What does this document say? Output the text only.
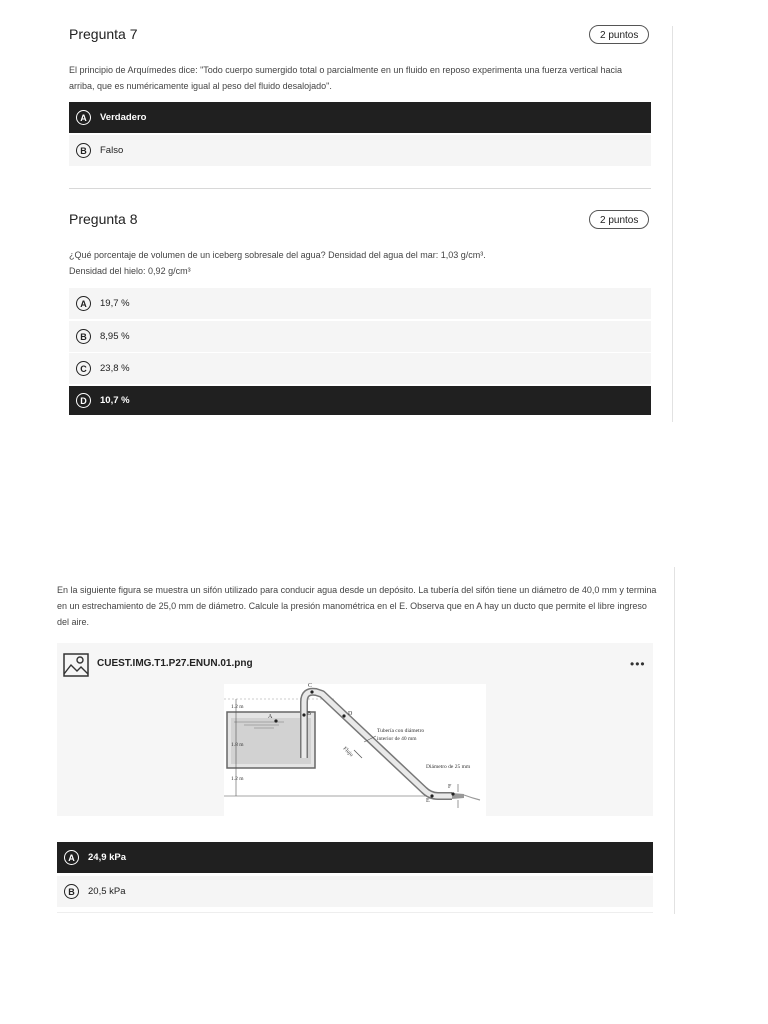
Pregunta 7	2 puntos
El principio de Arquímedes dice: "Todo cuerpo sumergido total o parcialmente en un fluido en reposo experimenta una fuerza vertical hacia arriba, que es numéricamente igual al peso del fluido desalojado".
A	Verdadero
B	Falso
Pregunta 8	2 puntos
¿Qué porcentaje de volumen de un iceberg sobresale del agua? Densidad del agua del mar: 1,03 g/cm³.
Densidad del hielo: 0,92 g/cm³
A	19,7 %
B	8,95 %
C	23,8 %
D	10,7 %
En la siguiente figura se muestra un sifón utilizado para conducir agua desde un depósito. La tubería del sifón tiene un diámetro de 40,0 mm y termina en un estrechamiento de 25,0 mm de diámetro. Calcule la presión manométrica en el E. Observa que en A hay un ducto que permite el libre ingreso del aire.
CUEST.IMG.T1.P27.ENUN.01.png	•••
1.2 m
1.8 m
1.2 m
A	B
C
D
E
F
Tubería con diámetro
interior de 40 mm
Diámetro de 25 mm
Flujo
A	24,9 kPa
B	20,5 kPa
